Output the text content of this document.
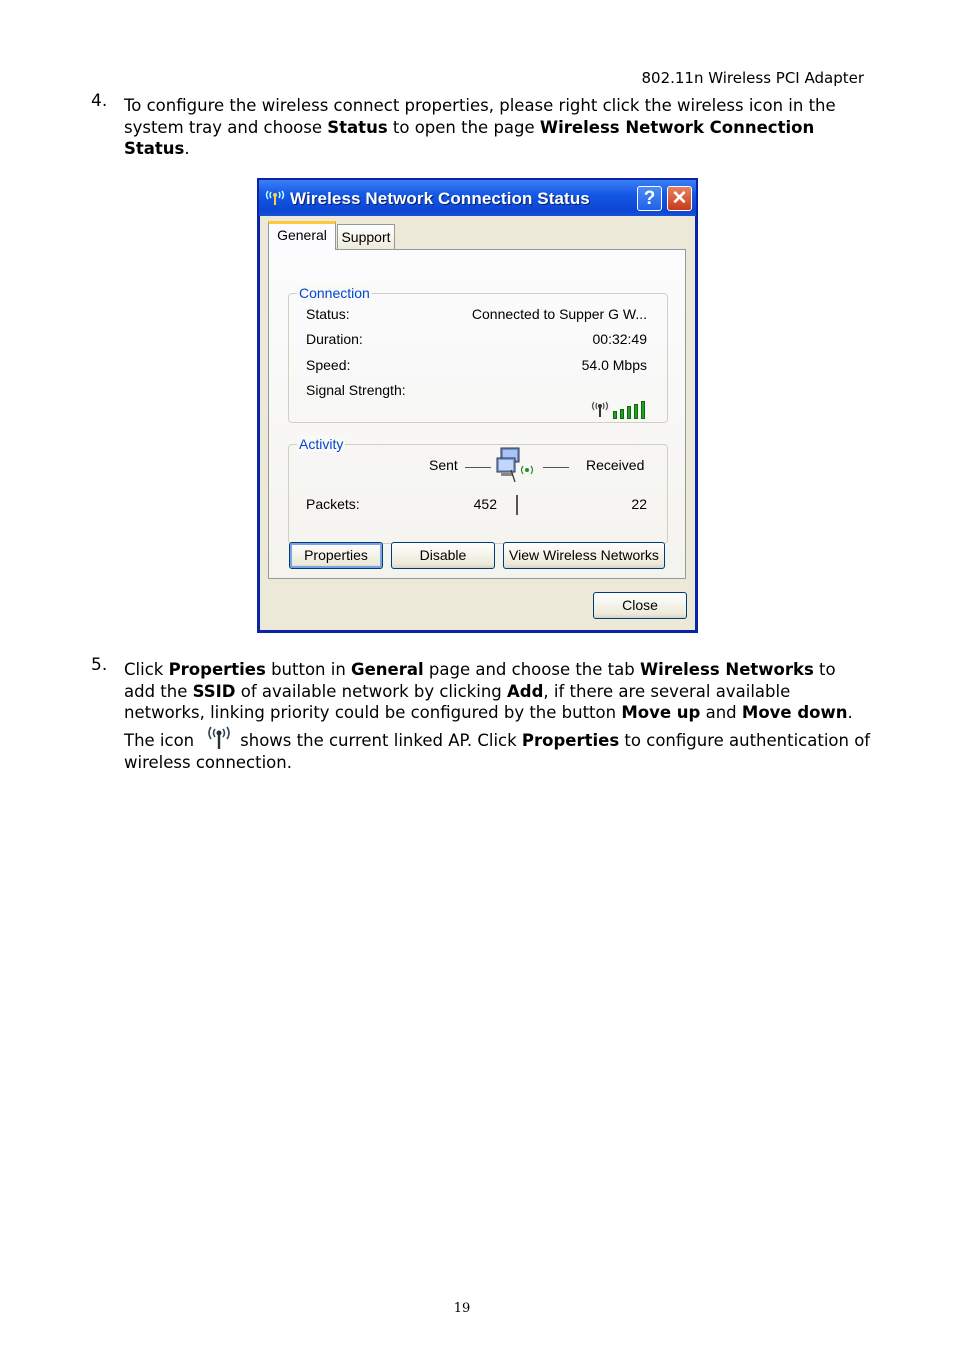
802.11n Wireless PCI Adapter
4. To configure the wireless connect properties, please right click the wireless icon in the system tray and choose Status to open the page Wireless Network Connection Status.
Wireless Network Connection Status	? ✕
General	Support
Connection
Status:	Connected to Supper G W...
Duration:	00:32:49
Speed:	54.0 Mbps
Signal Strength:
Activity
Sent	Received
Packets:	452	22
Properties	Disable	View Wireless Networks
Close
5. Click Properties button in General page and choose the tab Wireless Networks to add the SSID of available network by clicking Add, if there are several available networks, linking priority could be configured by the button Move up and Move down. The icon	shows the current linked AP. Click Properties to configure authentication of wireless connection.
19
